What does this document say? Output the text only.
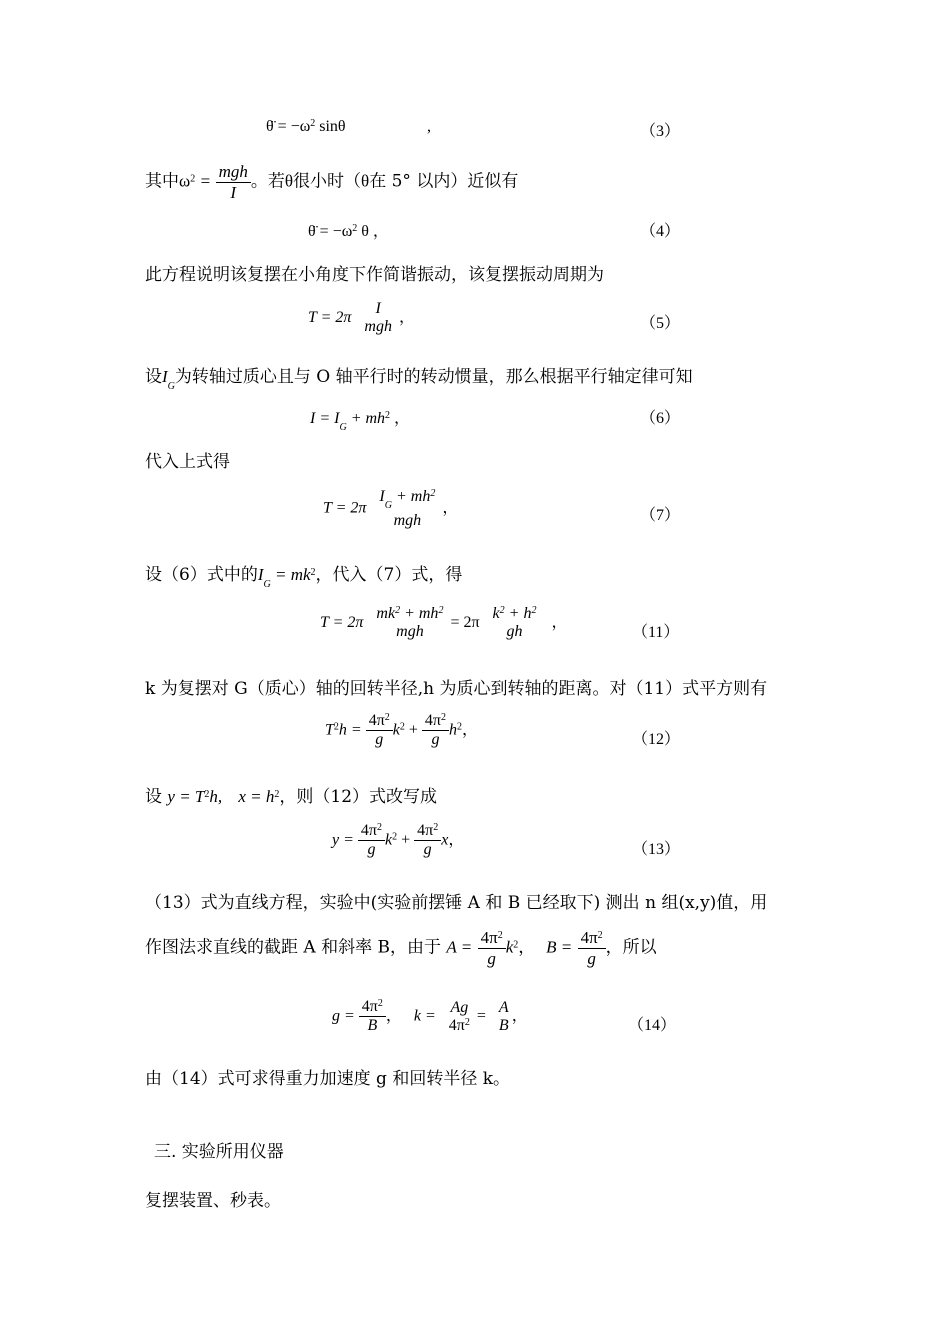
θ̈ = $-\omega^2$ sinθ	,	（3）
其中$\omega^2 = \frac{\text{mgh}}{I}$ 。若θ很小时（θ在 5° 以内）近似有
θ̈ = $-\omega^2$ θ ，	（4）
此方程说明该复摆在小角度下作简谐振动，该复摆振动周期为
T = 2π
I
mgh
，	（5）
设$I_G$为转轴过质心且与 O 轴平行时的转动惯量，那么根据平行轴定律可知
$I = I_G + mh^2$ ，	（6）
代入上式得
T = 2π
$I_G + mh^2$
mgh
，	（7）
设（6）式中的$I_G = mk^2$，代入（7）式，得
T = 2π
$mk^2 + mh^2$
mgh
= 2π
$k^2 + h^2$
gh
，
（11）
k 为复摆对 G（质心）轴的回转半径,h 为质心到转轴的距离。对（11）式平方则有
$T^2h = \frac{4\pi^2}{g} k^2 + \frac{4\pi^2}{g} h^2$，
（12）
设 $y = T^2h$, $x = h^2$，则（12）式改写成
$y = \frac{4\pi^2}{g} k^2 + \frac{4\pi^2}{g}$ x，
（13）
（13）式为直线方程，实验中(实验前摆锤 A 和 B 已经取下) 测出 n 组(x,y)值，用
作图法求直线的截距 A 和斜率 B，由于 $A = \frac{4\pi^2}{g} k^2$， $B = \frac{4\pi^2}{g}$ ，所以
$g = \frac{4\pi^2}{B}$ ， k =
Ag
$4\pi^2$ =
A
B
，
（14）
由（14）式可求得重力加速度 g 和回转半径 k。
三. 实验所用仪器
复摆装置、秒表。
